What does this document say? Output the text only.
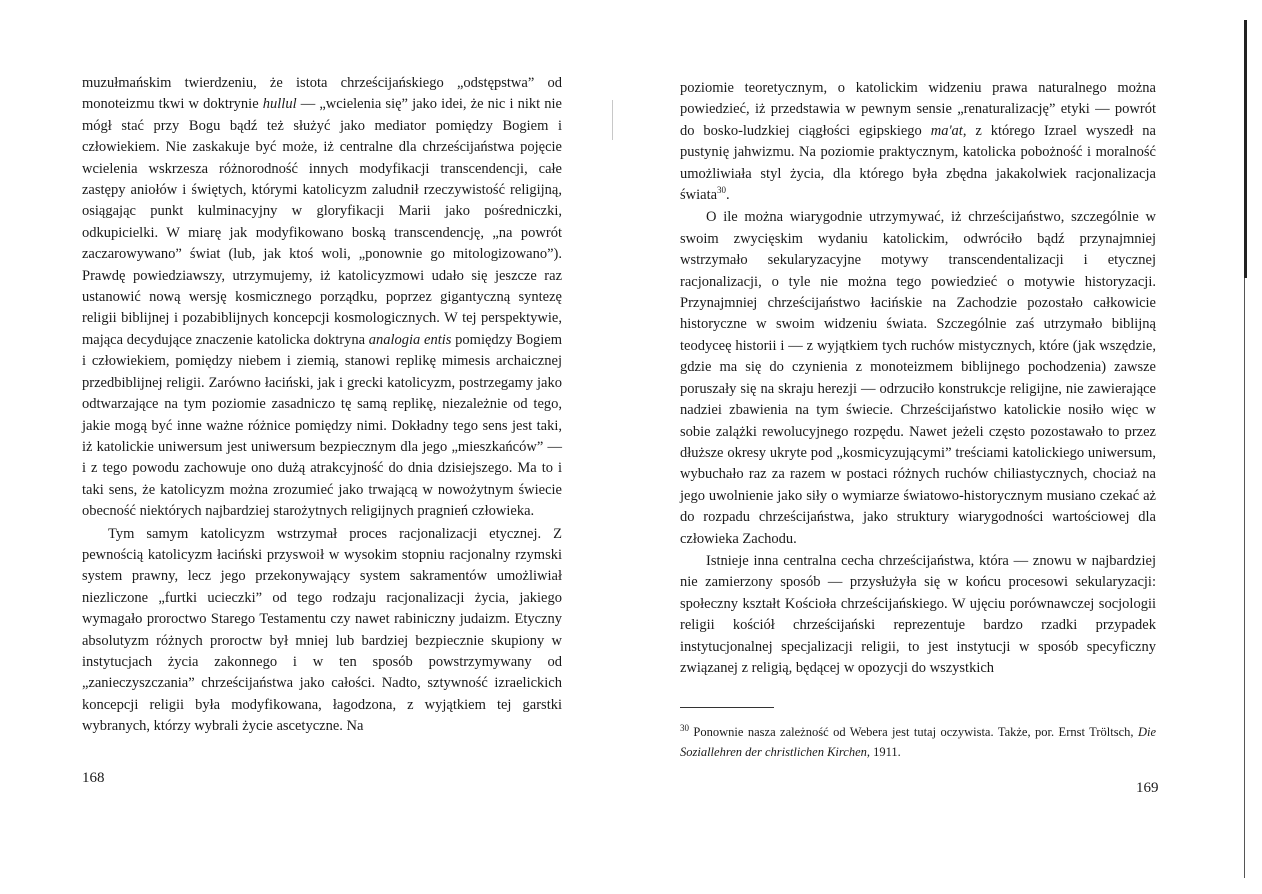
muzułmańskim twierdzeniu, że istota chrześcijańskiego „odstępstwa” od monoteizmu tkwi w doktrynie hullul — „wcielenia się” jako idei, że nic i nikt nie mógł stać przy Bogu bądź też służyć jako mediator pomiędzy Bogiem i człowiekiem. Nie zaskakuje być może, iż centralne dla chrześcijaństwa pojęcie wcielenia wskrzesza różnorodność innych modyfikacji transcendencji, całe zastępy aniołów i świętych, którymi katolicyzm zaludnił rzeczywistość religijną, osiągając punkt kulminacyjny w gloryfikacji Marii jako pośredniczki, odkupicielki. W miarę jak modyfikowano boską transcendencję, „na powrót zaczarowywano” świat (lub, jak ktoś woli, „ponownie go mitologizowano”). Prawdę powiedziawszy, utrzymujemy, iż katolicyzmowi udało się jeszcze raz ustanowić nową wersję kosmicznego porządku, poprzez gigantyczną syntezę religii biblijnej i pozabiblijnych koncepcji kosmologicznych. W tej perspektywie, mająca decydujące znaczenie katolicka doktryna analogia entis pomiędzy Bogiem i człowiekiem, pomiędzy niebem i ziemią, stanowi replikę mimesis archaicznej przedbiblijnej religii. Zarówno łaciński, jak i grecki katolicyzm, postrzegamy jako odtwarzające na tym poziomie zasadniczo tę samą replikę, niezależnie od tego, jakie mogą być inne ważne różnice pomiędzy nimi. Dokładny tego sens jest taki, iż katolickie uniwersum jest uniwersum bezpiecznym dla jego „mieszkańców” — i z tego powodu zachowuje ono dużą atrakcyjność do dnia dzisiejszego. Ma to i taki sens, że katolicyzm można zrozumieć jako trwającą w nowożytnym świecie obecność niektórych najbardziej starożytnych religijnych pragnień człowieka.

Tym samym katolicyzm wstrzymał proces racjonalizacji etycznej. Z pewnością katolicyzm łaciński przyswoił w wysokim stopniu racjonalny rzymski system prawny, lecz jego przekonywający system sakramentów umożliwiał niezliczone „furtki ucieczki” od tego rodzaju racjonalizacji życia, jakiego wymagało proroctwo Starego Testamentu czy nawet rabiniczny judaizm. Etyczny absolutyzm różnych proroctw był mniej lub bardziej bezpiecznie skupiony w instytucjach życia zakonnego i w ten sposób powstrzymywany od „zanieczyszczania” chrześcijaństwa jako całości. Nadto, sztywność izraelickich koncepcji religii była modyfikowana, łagodzona, z wyjątkiem tej garstki wybranych, którzy wybrali życie ascetyczne. Na

168

poziomie teoretycznym, o katolickim widzeniu prawa naturalnego można powiedzieć, iż przedstawia w pewnym sensie „renaturalizację” etyki — powrót do bosko-ludzkiej ciągłości egipskiego ma'at, z którego Izrael wyszedł na pustynię jahwizmu. Na poziomie praktycznym, katolicka pobożność i moralność umożliwiała styl życia, dla którego była zbędna jakakolwiek racjonalizacja świata$^{30}$.

O ile można wiarygodnie utrzymywać, iż chrześcijaństwo, szczególnie w swoim zwycięskim wydaniu katolickim, odwróciło bądź przynajmniej wstrzymało sekularyzacyjne motywy transcendentalizacji i etycznej racjonalizacji, o tyle nie można tego powiedzieć o motywie historyzacji. Przynajmniej chrześcijaństwo łacińskie na Zachodzie pozostało całkowicie historyczne w swoim widzeniu świata. Szczególnie zaś utrzymało biblijną teodyceę historii i — z wyjątkiem tych ruchów mistycznych, które (jak wszędzie, gdzie ma się do czynienia z monoteizmem biblijnego pochodzenia) zawsze poruszały się na skraju herezji — odrzuciło konstrukcje religijne, nie zawierające nadziei zbawienia na tym świecie. Chrześcijaństwo katolickie nosiło więc w sobie zalążki rewolucyjnego rozpędu. Nawet jeżeli często pozostawało to przez dłuższe okresy ukryte pod „kosmicyzującymi” treściami katolickiego uniwersum, wybuchało raz za razem w postaci różnych ruchów chiliastycznych, chociaż na jego uwolnienie jako siły o wymiarze światowo-historycznym musiano czekać aż do rozpadu chrześcijaństwa, jako struktury wiarygodności wartościowej dla człowieka Zachodu.

Istnieje inna centralna cecha chrześcijaństwa, która — znowu w najbardziej nie zamierzony sposób — przysłużyła się w końcu procesowi sekularyzacji: społeczny kształt Kościoła chrześcijańskiego. W ujęciu porównawczej socjologii religii kościół chrześcijański reprezentuje bardzo rzadki przypadek instytucjonalnej specjalizacji religii, to jest instytucji w sposób specyficzny związanej z religią, będącej w opozycji do wszystkich

$^{30}$ Ponownie nasza zależność od Webera jest tutaj oczywista. Także, por. Ernst Tröltsch, Die Soziallehren der christlichen Kirchen, 1911.
169
